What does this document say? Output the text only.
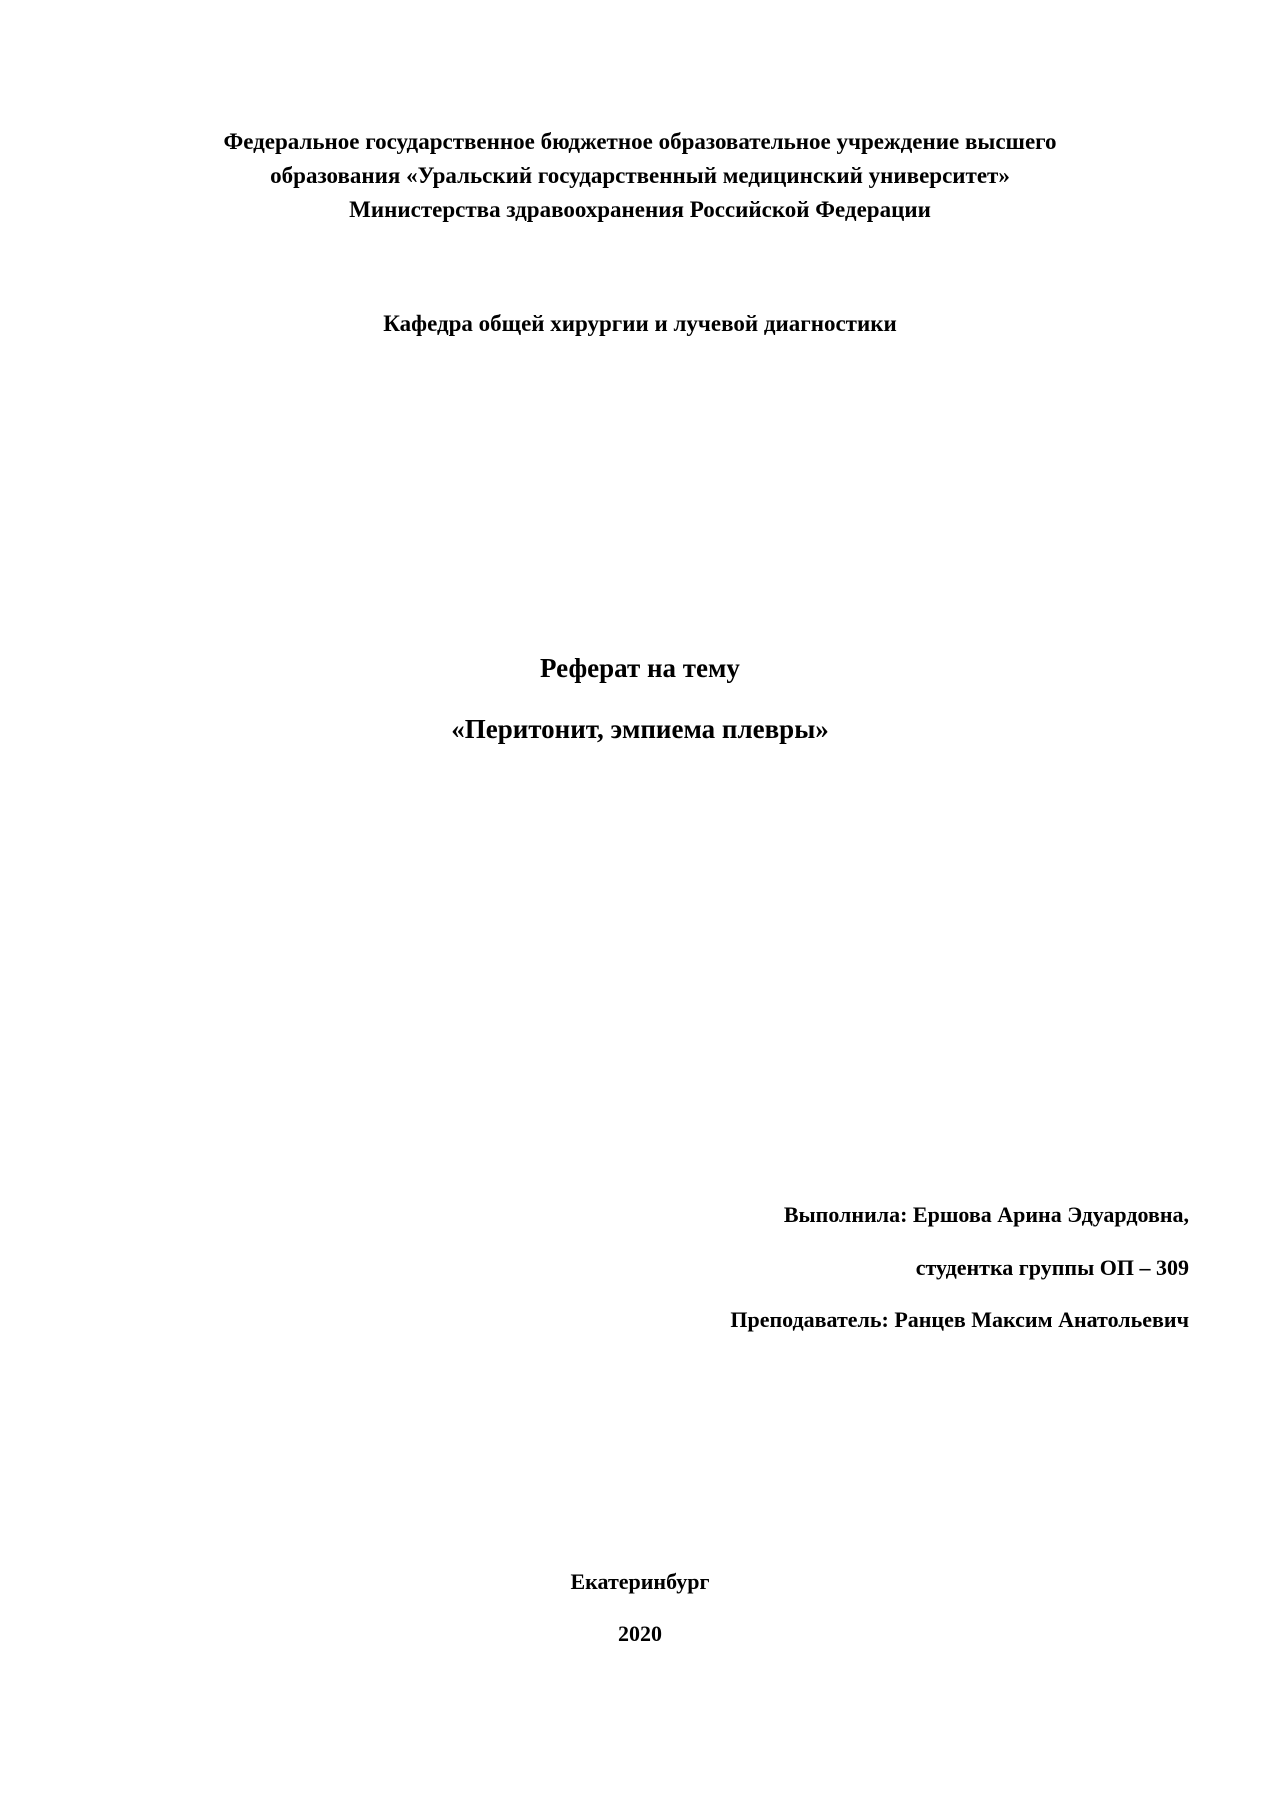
Федеральное государственное бюджетное образовательное учреждение высшего
образования «Уральский государственный медицинский университет»
Министерства здравоохранения Российской Федерации
Кафедра общей хирургии и лучевой диагностики
Реферат на тему
«Перитонит, эмпиема плевры»
Выполнила: Ершова Арина Эдуардовна,
студентка группы ОП – 309
Преподаватель: Ранцев Максим Анатольевич
Екатеринбург
2020
